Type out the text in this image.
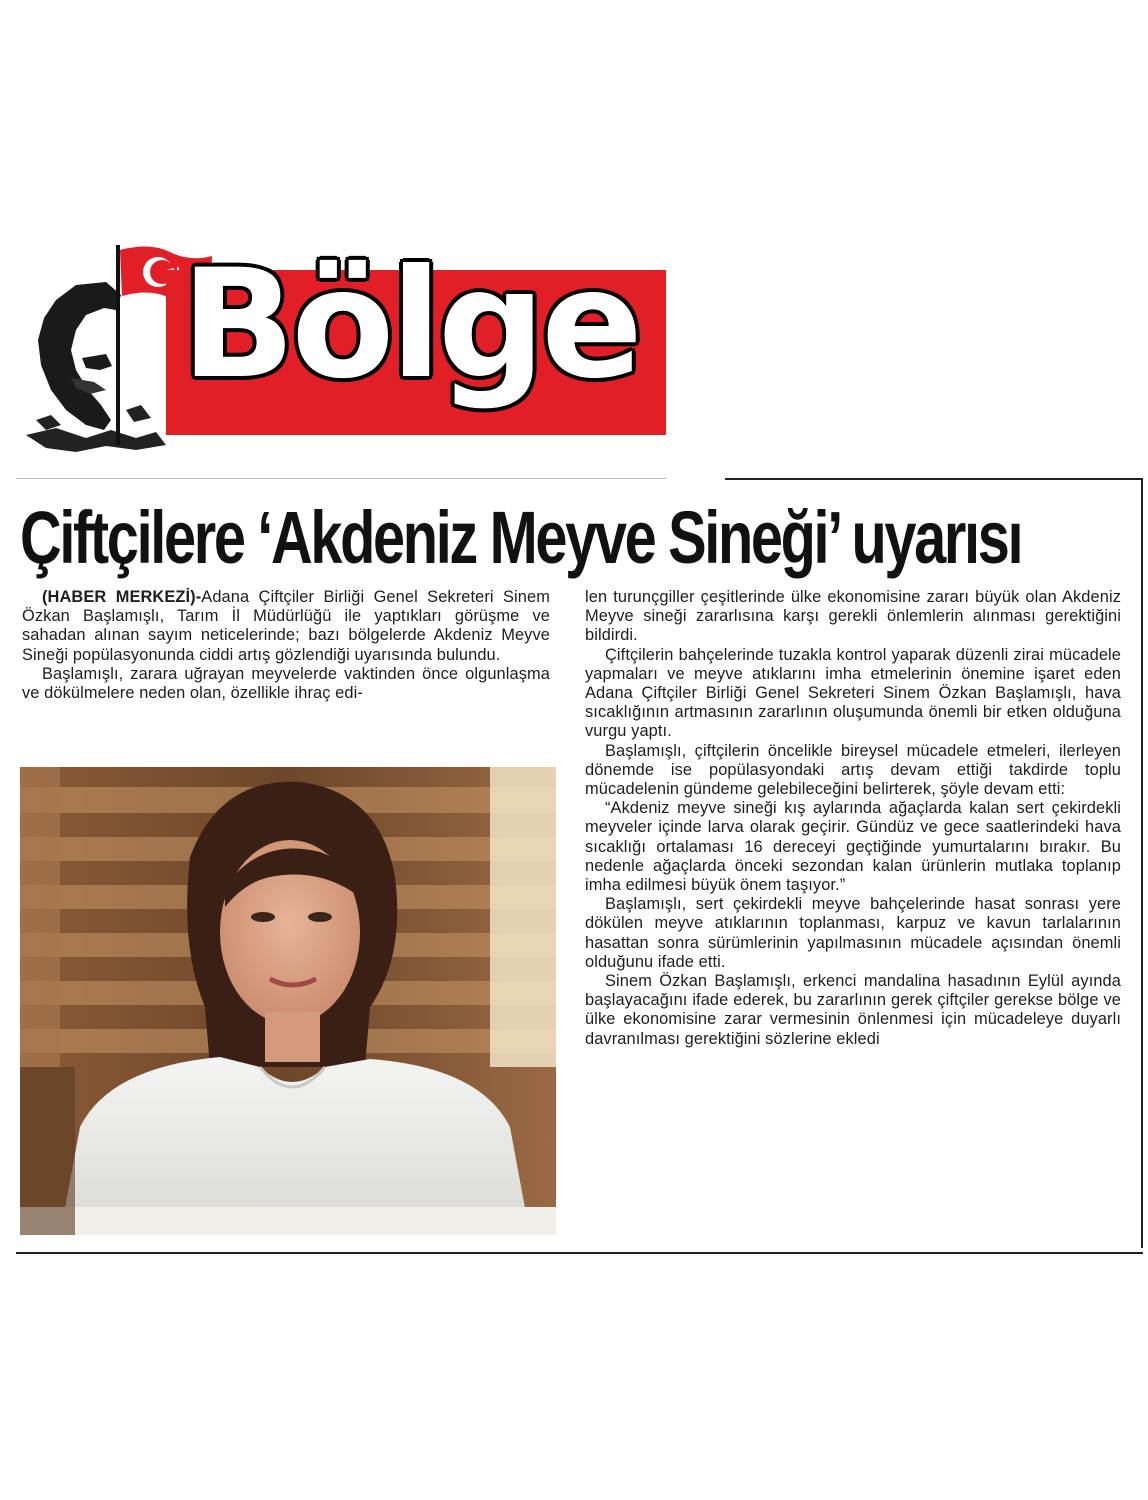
Bölge
Çiftçilere ‘Akdeniz Meyve Sineği’ uyarısı

(HABER MERKEZİ)-Adana Çiftçiler Birliği Genel Sekreteri Sinem Özkan Başlamışlı, Tarım İl Müdürlüğü ile yaptıkları görüşme ve sahadan alınan sayım neticelerinde; bazı bölgelerde Akdeniz Meyve Sineği popülasyonunda ciddi artış gözlendiği uyarısında bulundu.

Başlamışlı, zarara uğrayan meyvelerde vaktinden önce olgunlaşma ve dökülmelere neden olan, özellikle ihraç edi-

len turunçgiller çeşitlerinde ülke ekonomisine zararı büyük olan Akdeniz Meyve sineği zararlısına karşı gerekli önlemlerin alınması gerektiğini bildirdi.

Çiftçilerin bahçelerinde tuzakla kontrol yaparak düzenli zirai mücadele yapmaları ve meyve atıklarını imha etmelerinin önemine işaret eden Adana Çiftçiler Birliği Genel Sekreteri Sinem Özkan Başlamışlı, hava sıcaklığının artmasının zararlının oluşumunda önemli bir etken olduğuna vurgu yaptı.

Başlamışlı, çiftçilerin öncelikle bireysel mücadele etmeleri, ilerleyen dönemde ise popülasyondaki artış devam ettiği takdirde toplu mücadelenin gündeme gelebileceğini belirterek, şöyle devam etti:

“Akdeniz meyve sineği kış aylarında ağaçlarda kalan sert çekirdekli meyveler içinde larva olarak geçirir. Gündüz ve gece saatlerindeki hava sıcaklığı ortalaması 16 dereceyi geçtiğinde yumurtalarını bırakır. Bu nedenle ağaçlarda önceki sezondan kalan ürünlerin mutlaka toplanıp imha edilmesi büyük önem taşıyor.”

Başlamışlı, sert çekirdekli meyve bahçelerinde hasat sonrası yere dökülen meyve atıklarının toplanması, karpuz ve kavun tarlalarının hasattan sonra sürümlerinin yapılmasının mücadele açısından önemli olduğunu ifade etti.

Sinem Özkan Başlamışlı, erkenci mandalina hasadının Eylül ayında başlayacağını ifade ederek, bu zararlının gerek çiftçiler gerekse bölge ve ülke ekonomisine zarar vermesinin önlenmesi için mücadeleye duyarlı davranılması gerektiğini sözlerine ekledi
